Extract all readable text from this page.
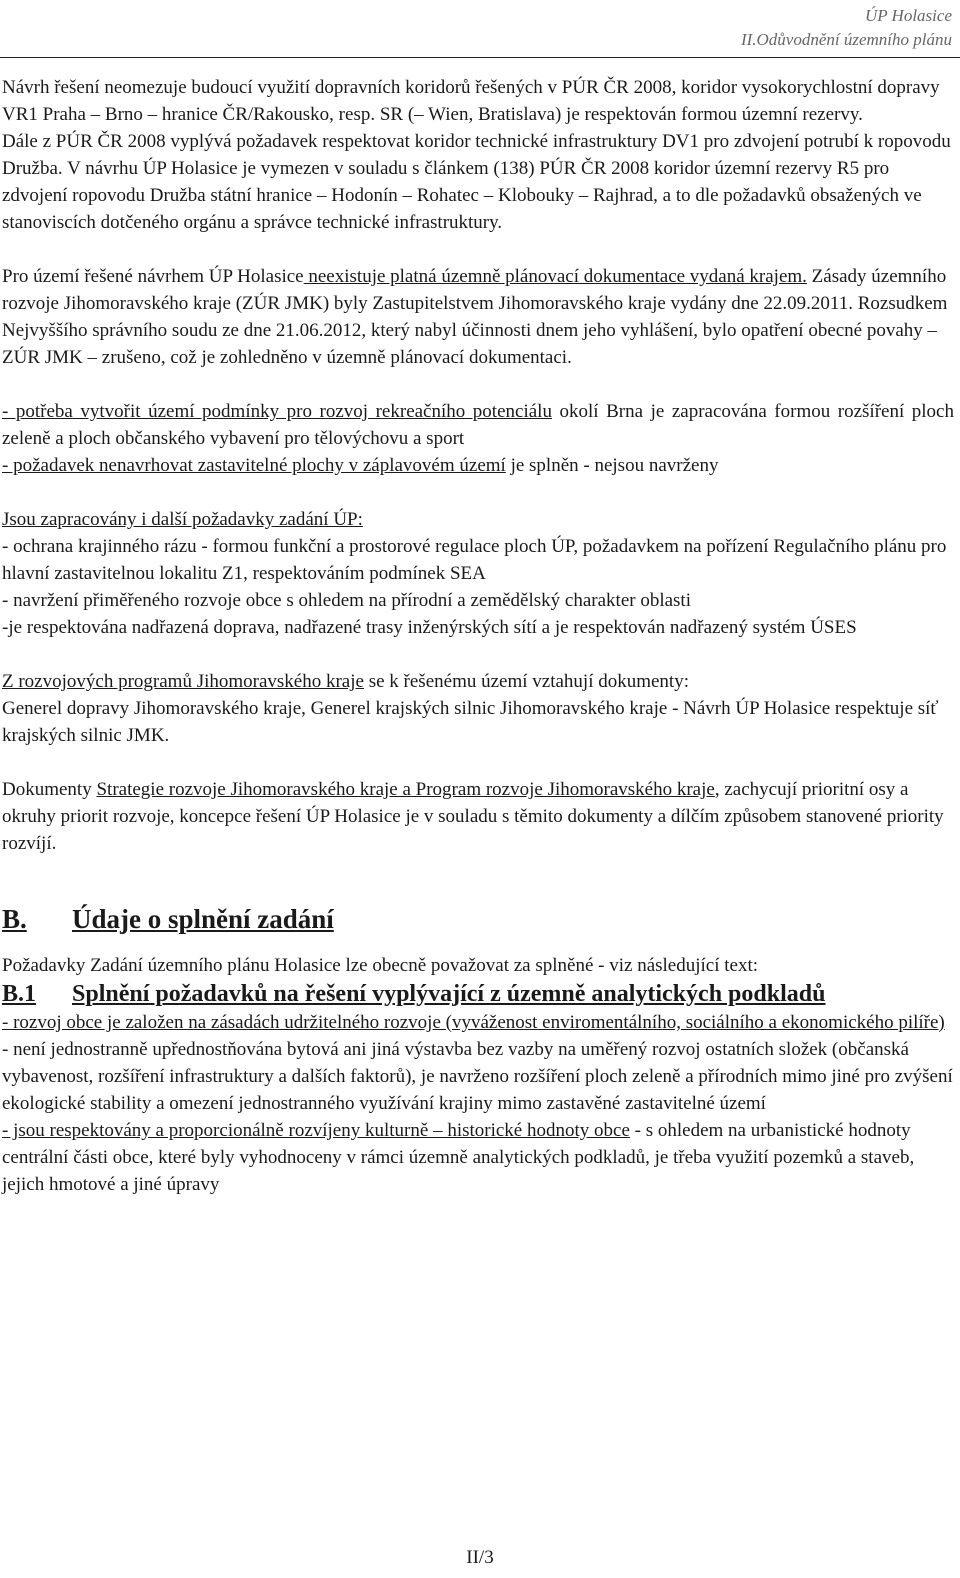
ÚP Holasice
II.Odůvodnění územního plánu

Návrh řešení neomezuje budoucí využití dopravních koridorů řešených v PÚR ČR 2008, koridor vysokorychlostní dopravy VR1 Praha – Brno – hranice ČR/Rakousko, resp. SR (– Wien, Bratislava) je respektován formou územní rezervy.

Dále z PÚR ČR 2008 vyplývá požadavek respektovat koridor technické infrastruktury DV1 pro zdvojení potrubí k ropovodu Družba. V návrhu ÚP Holasice je vymezen v souladu s článkem (138) PÚR ČR 2008 koridor územní rezervy R5 pro zdvojení ropovodu Družba státní hranice – Hodonín – Rohatec – Klobouky – Rajhrad, a to dle požadavků obsažených ve stanoviscích dotčeného orgánu a správce technické infrastruktury.

Pro území řešené návrhem ÚP Holasice neexistuje platná územně plánovací dokumentace vydaná krajem. Zásady územního rozvoje Jihomoravského kraje (ZÚR JMK) byly Zastupitelstvem Jihomoravského kraje vydány dne 22.09.2011. Rozsudkem Nejvyššího správního soudu ze dne 21.06.2012, který nabyl účinnosti dnem jeho vyhlášení, bylo opatření obecné povahy – ZÚR JMK – zrušeno, což je zohledněno v územně plánovací dokumentaci.

- potřeba vytvořit území podmínky pro rozvoj rekreačního potenciálu okolí Brna je zapracována formou rozšíření ploch zeleně a ploch občanského vybavení pro tělovýchovu a sport

- požadavek nenavrhovat zastavitelné plochy v záplavovém území je splněn - nejsou navrženy

Jsou zapracovány i další požadavky zadání ÚP:

- ochrana krajinného rázu - formou funkční a prostorové regulace ploch ÚP, požadavkem na pořízení Regulačního plánu pro hlavní zastavitelnou lokalitu Z1, respektováním podmínek SEA

- navržení přiměřeného rozvoje obce s ohledem na přírodní a zemědělský charakter oblasti

-je respektována nadřazená doprava, nadřazené trasy inženýrských sítí a je respektován nadřazený systém ÚSES

Z rozvojových programů Jihomoravského kraje se k řešenému území vztahují dokumenty:

Generel dopravy Jihomoravského kraje, Generel krajských silnic Jihomoravského kraje - Návrh ÚP Holasice respektuje síť krajských silnic JMK.

Dokumenty Strategie rozvoje Jihomoravského kraje a Program rozvoje Jihomoravského kraje, zachycují prioritní osy a okruhy priorit rozvoje, koncepce řešení ÚP Holasice je v souladu s těmito dokumenty a dílčím způsobem stanovené priority rozvíjí.

B. Údaje o splnění zadání

Požadavky Zadání územního plánu Holasice lze obecně považovat za splněné - viz následující text:

B.1 Splnění požadavků na řešení vyplývající z územně analytických podkladů

- rozvoj obce je založen na zásadách udržitelného rozvoje (vyváženost enviromentálního, sociálního a ekonomického pilíře) - není jednostranně upřednostňována bytová ani jiná výstavba bez vazby na uměřený rozvoj ostatních složek (občanská vybavenost, rozšíření infrastruktury a dalších faktorů), je navrženo rozšíření ploch zeleně a přírodních mimo jiné pro zvýšení ekologické stability a omezení jednostranného využívání krajiny mimo zastavěné zastavitelné území

- jsou respektovány a proporcionálně rozvíjeny kulturně – historické hodnoty obce - s ohledem na urbanistické hodnoty centrální části obce, které byly vyhodnoceny v rámci územně analytických podkladů, je třeba využití pozemků a staveb, jejich hmotové a jiné úpravy

II/3
